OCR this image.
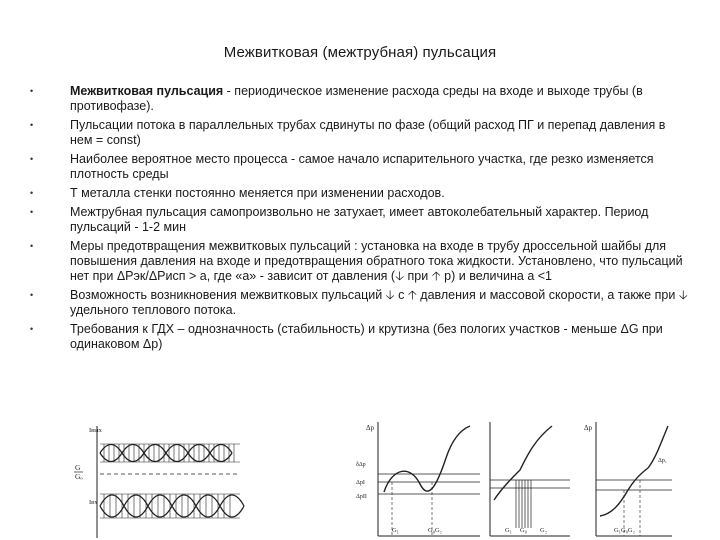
Межвитковая (межтрубная) пульсация
•	Межвитковая пульсация - периодическое изменение расхода среды на входе и выходе трубы (в противофазе).
•	Пульсации потока в параллельных трубах сдвинуты по фазе (общий расход ПГ и перепад давления в нем = const)
•	Наиболее вероятное место процесса - самое начало испарительного участка, где резко изменяется плотность среды
•	Т металла стенки постоянно меняется при изменении расходов.
•	Межтрубная пульсация самопроизвольно не затухает, имеет автоколебательный характер. Период пульсаций - 1-2 мин
•	Меры предотвращения межвитковых пульсаций : установка на входе в трубу дроссельной шайбы для повышения давления на входе и предотвращения обратного тока жидкости. Установлено, что пульсаций нет при ΔPэк/ΔPисп > a, где «a» - зависит от давления (🡣 при 🡡 p) и величина a <1
•	Возможность возникновения межвитковых пульсаций 🡣 с 🡡 давления и массовой скорости, а также при 🡣 удельного теплового потока.
•	Требования к ГДХ – однозначность (стабильность) и крутизна (без пологих участков - меньше ΔG при одинаковом Δp)
Iвых
G
Gₒ
Iвх
Δp
δΔp
ΔpI
ΔpII
G₁	G₀G₂	G₁ G₀ G₂
Δp
Δp₁
G₁G₀G₂
